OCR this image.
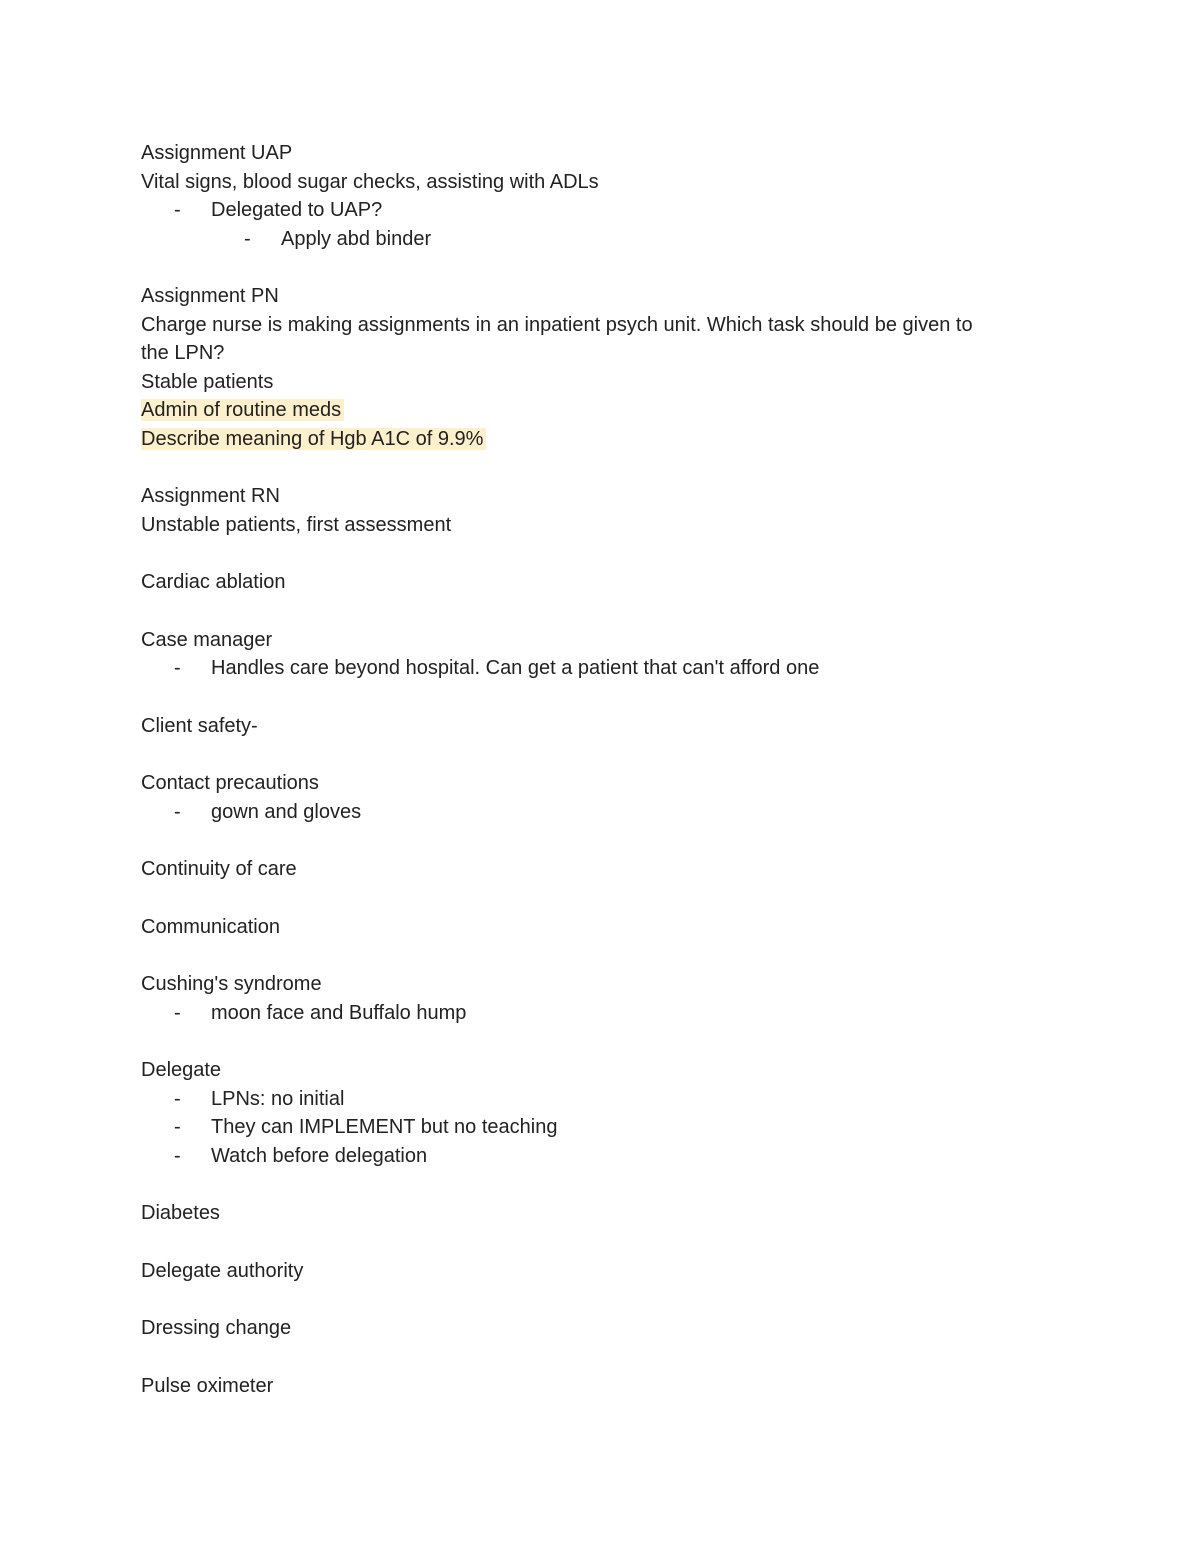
Assignment UAP

Vital signs, blood sugar checks, assisting with ADLs

-	Delegated to UAP?
-	Apply abd binder

Assignment PN

Charge nurse is making assignments in an inpatient psych unit. Which task should be given to

the LPN?

Stable patients

Admin of routine meds

Describe meaning of Hgb A1C of 9.9%

Assignment RN

Unstable patients, first assessment

Cardiac ablation

Case manager

-	Handles care beyond hospital. Can get a patient that can't afford one

Client safety-

Contact precautions

-	gown and gloves

Continuity of care

Communication

Cushing's syndrome

-	moon face and Buffalo hump

Delegate

-	LPNs: no initial
-	They can IMPLEMENT but no teaching
-	Watch before delegation

Diabetes

Delegate authority

Dressing change

Pulse oximeter
